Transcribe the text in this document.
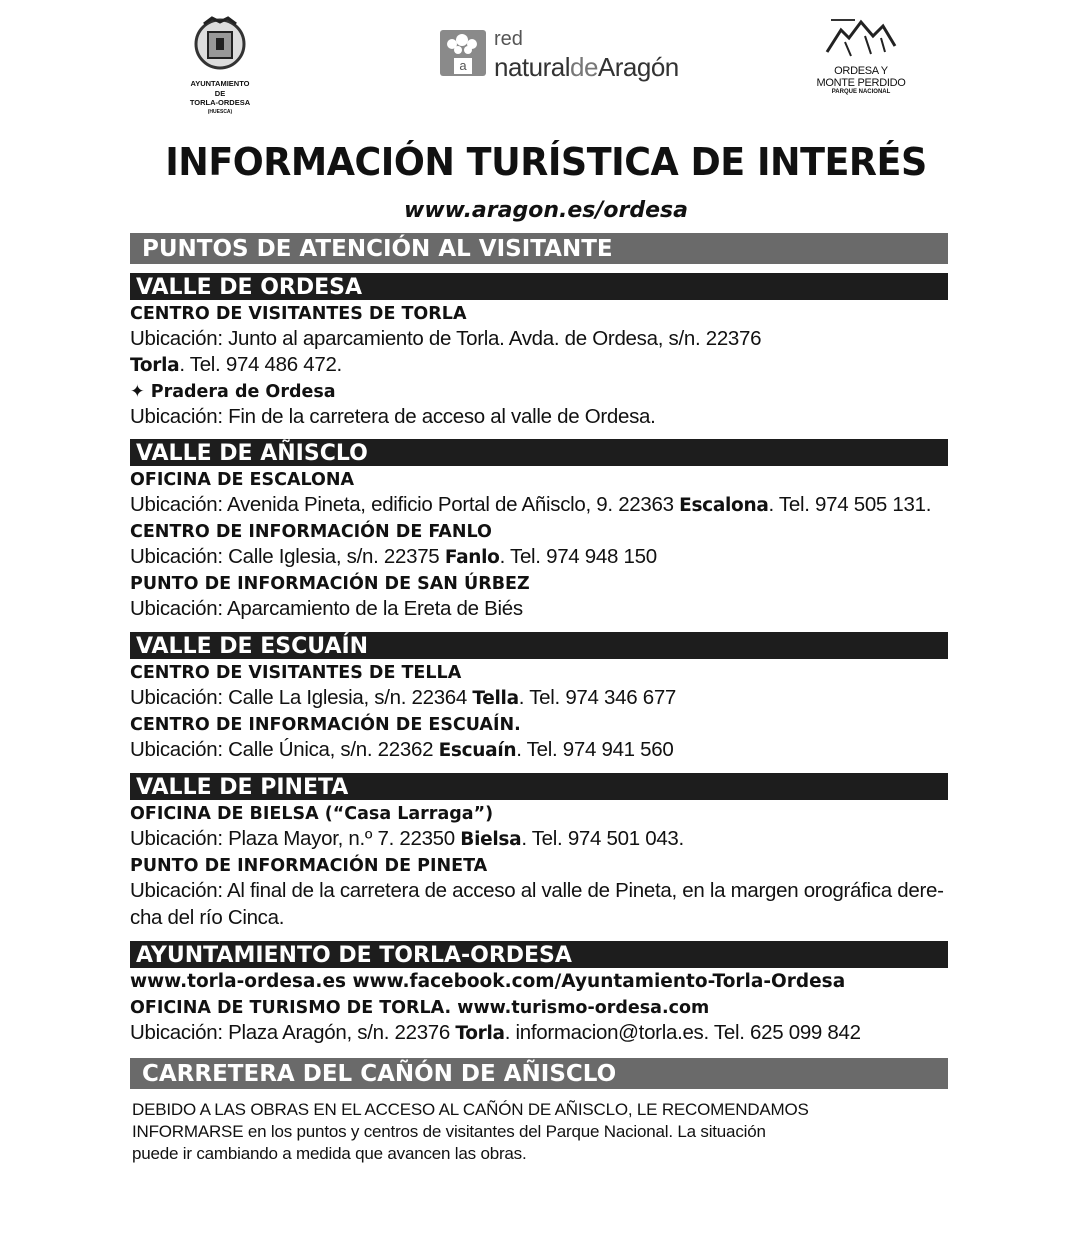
AYUNTAMIENTO
DE
TORLA-ORDESA
(HUESCA)
a
red
naturaldeAragón	ORDESA Y
MONTE PERDIDO
PARQUE NACIONAL
INFORMACIÓN TURÍSTICA DE INTERÉS
www.aragon.es/ordesa
PUNTOS DE ATENCIÓN AL VISITANTE
VALLE DE ORDESA
CENTRO DE VISITANTES DE TORLA
Ubicación: Junto al aparcamiento de Torla. Avda. de Ordesa, s/n. 22376
Torla. Tel. 974 486 472.
✦ Pradera de Ordesa
Ubicación: Fin de la carretera de acceso al valle de Ordesa.
VALLE DE AÑISCLO
OFICINA DE ESCALONA
Ubicación: Avenida Pineta, edificio Portal de Añisclo, 9. 22363 Escalona. Tel. 974 505 131.
CENTRO DE INFORMACIÓN DE FANLO
Ubicación: Calle Iglesia, s/n. 22375 Fanlo. Tel. 974 948 150
PUNTO DE INFORMACIÓN DE SAN ÚRBEZ
Ubicación: Aparcamiento de la Ereta de Biés
VALLE DE ESCUAÍN
CENTRO DE VISITANTES DE TELLA
Ubicación: Calle La Iglesia, s/n. 22364 Tella. Tel. 974 346 677
CENTRO DE INFORMACIÓN DE ESCUAÍN.
Ubicación: Calle Única, s/n. 22362 Escuaín. Tel. 974 941 560
VALLE DE PINETA
OFICINA DE BIELSA (“Casa Larraga”)
Ubicación: Plaza Mayor, n.º 7. 22350 Bielsa. Tel. 974 501 043.
PUNTO DE INFORMACIÓN DE PINETA
Ubicación: Al final de la carretera de acceso al valle de Pineta, en la margen orográfica dere-
cha del río Cinca.
AYUNTAMIENTO DE TORLA-ORDESA
www.torla-ordesa.es www.facebook.com/Ayuntamiento-Torla-Ordesa
OFICINA DE TURISMO DE TORLA. www.turismo-ordesa.com
Ubicación: Plaza Aragón, s/n. 22376 Torla. informacion@torla.es. Tel. 625 099 842
CARRETERA DEL CAÑÓN DE AÑISCLO
DEBIDO A LAS OBRAS EN EL ACCESO AL CAÑÓN DE AÑISCLO, LE RECOMENDAMOS
INFORMARSE en los puntos y centros de visitantes del Parque Nacional. La situación
puede ir cambiando a medida que avancen las obras.
